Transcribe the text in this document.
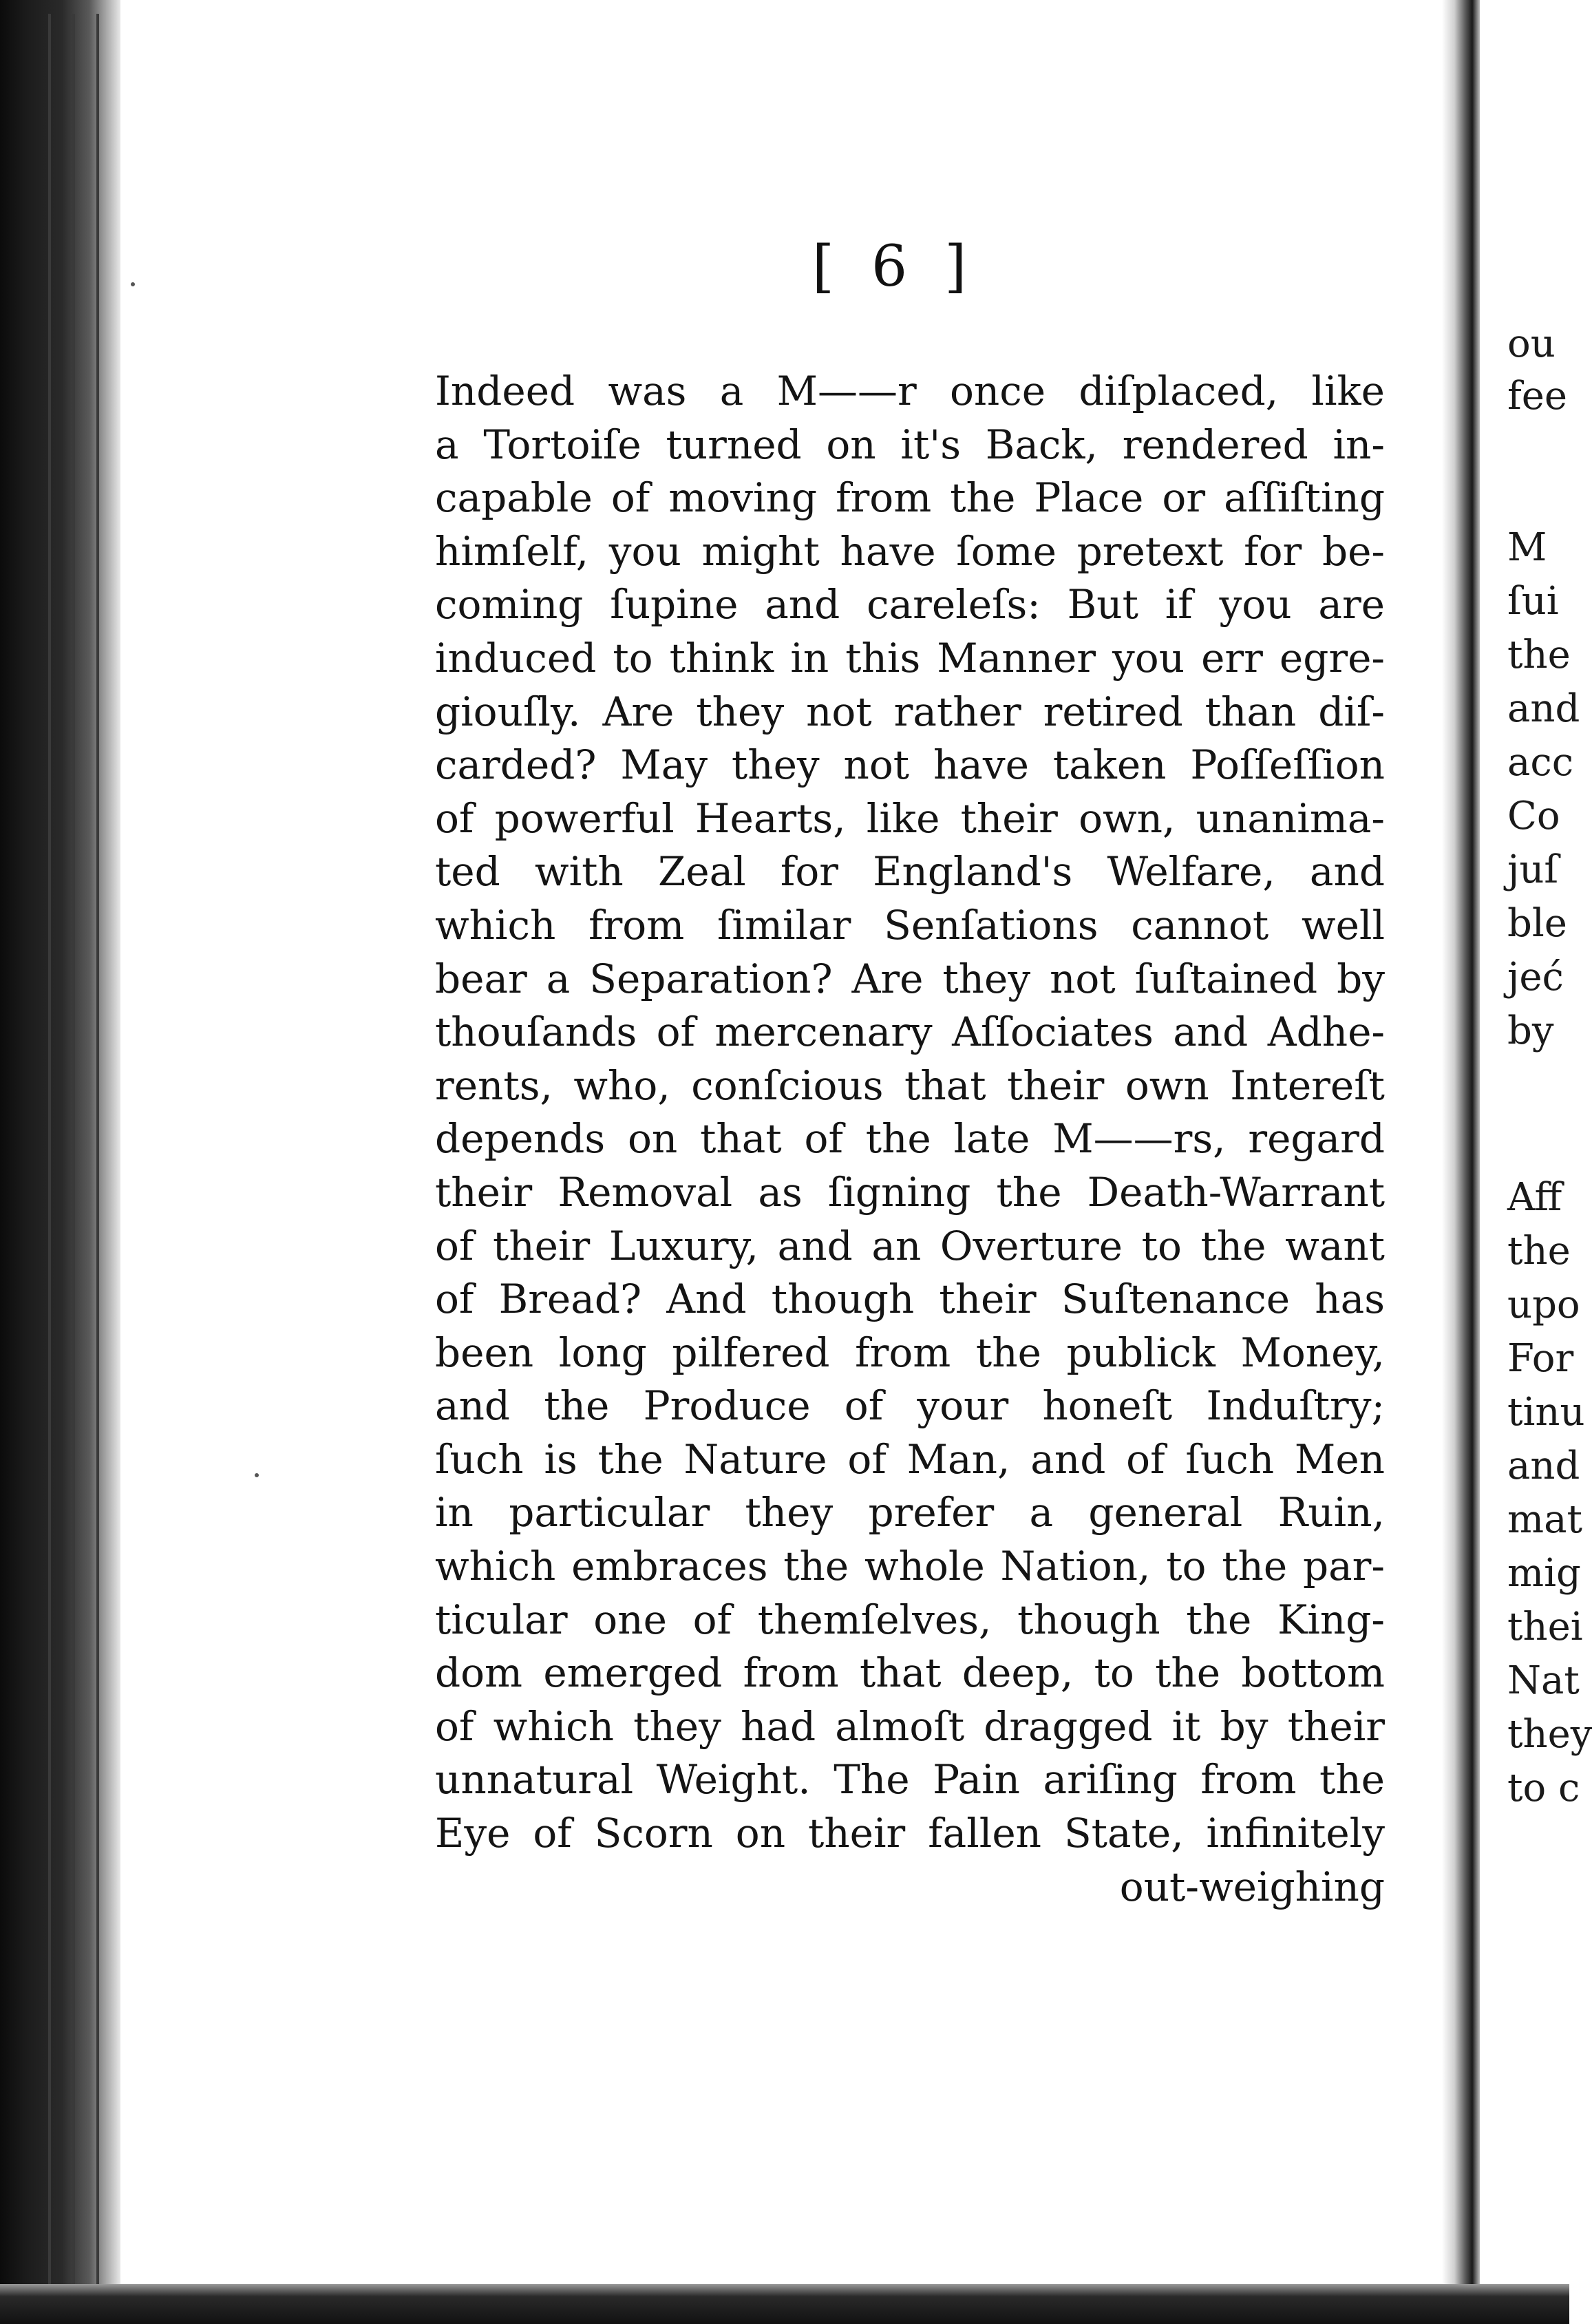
[ 6 ]
Indeed was a M——r once diſplaced, like
a Tortoiſe turned on it's Back, rendered in-
capable of moving from the Place or aſſiſting
himſelf, you might have ſome pretext for be-
coming ſupine and careleſs: But if you are
induced to think in this Manner you err egre-
giouſly. Are they not rather retired than diſ-
carded? May they not have taken Poſſeſſion
of powerful Hearts, like their own, unanima-
ted with Zeal for England's Welfare, and
which from ſimilar Senſations cannot well
bear a Separation? Are they not ſuſtained by
thouſands of mercenary Aſſociates and Adhe-
rents, who, conſcious that their own Intereſt
depends on that of the late M——rs, regard
their Removal as ſigning the Death-Warrant
of their Luxury, and an Overture to the want
of Bread? And though their Suſtenance has
been long pilfered from the publick Money,
and the Produce of your honeſt Induſtry;
ſuch is the Nature of Man, and of ſuch Men
in particular they prefer a general Ruin,
which embraces the whole Nation, to the par-
ticular one of themſelves, though the King-
dom emerged from that deep, to the bottom
of which they had almoſt dragged it by their
unnatural Weight. The Pain ariſing from the
Eye of Scorn on their fallen State, infinitely
out-weighing
ou
fee
M
ſui
the
and
acc
Co
juſ
ble
jeć
by
Aff
the
upo
For
tinu
and
mat
mig
thei
Nat
they
to c
